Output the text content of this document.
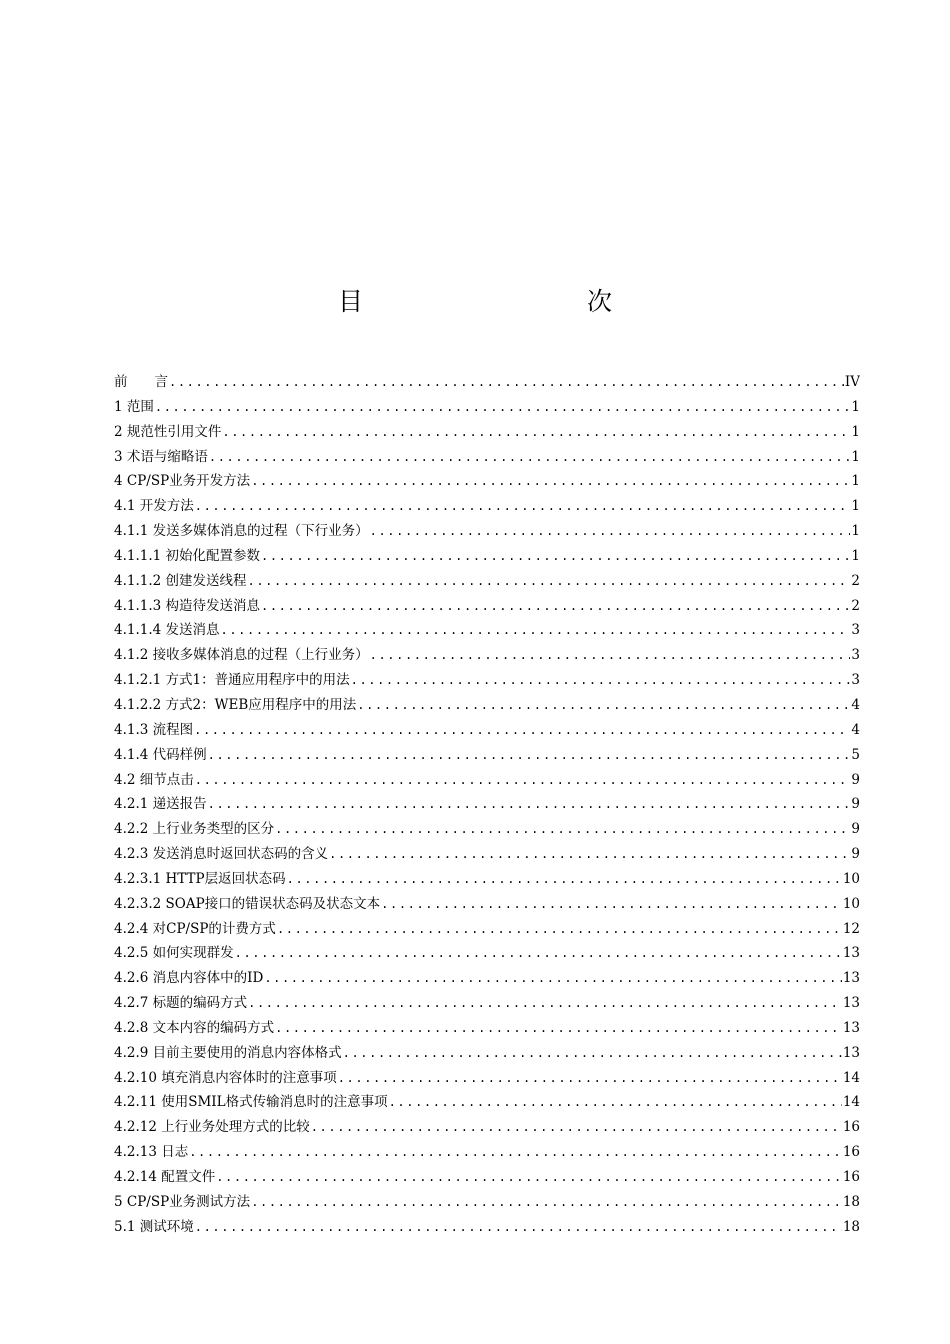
目　　次
前　　言 .....	IV
1 范围 .....	1
2 规范性引用文件 .....	1
3 术语与缩略语 .....	1
4 CP/SP业务开发方法 .....	1
4.1 开发方法 .....	1
4.1.1 发送多媒体消息的过程（下行业务） .....	1
4.1.1.1 初始化配置参数 .....	1
4.1.1.2 创建发送线程 .....	2
4.1.1.3 构造待发送消息 .....	2
4.1.1.4 发送消息 .....	3
4.1.2 接收多媒体消息的过程（上行业务） .....	3
4.1.2.1 方式1：普通应用程序中的用法 .....	3
4.1.2.2 方式2：WEB应用程序中的用法 .....	4
4.1.3 流程图 .....	4
4.1.4 代码样例 .....	5
4.2 细节点击 .....	9
4.2.1 递送报告 .....	9
4.2.2 上行业务类型的区分 .....	9
4.2.3 发送消息时返回状态码的含义 .....	9
4.2.3.1 HTTP层返回状态码 .....	10
4.2.3.2 SOAP接口的错误状态码及状态文本 .....	10
4.2.4 对CP/SP的计费方式 .....	12
4.2.5 如何实现群发 .....	13
4.2.6 消息内容体中的ID .....	13
4.2.7 标题的编码方式 .....	13
4.2.8 文本内容的编码方式 .....	13
4.2.9 目前主要使用的消息内容体格式 .....	13
4.2.10 填充消息内容体时的注意事项 .....	14
4.2.11 使用SMIL格式传输消息时的注意事项 .....	14
4.2.12 上行业务处理方式的比较 .....	16
4.2.13 日志 .....	16
4.2.14 配置文件 .....	16
5 CP/SP业务测试方法 .....	18
5.1 测试环境 .....	18
